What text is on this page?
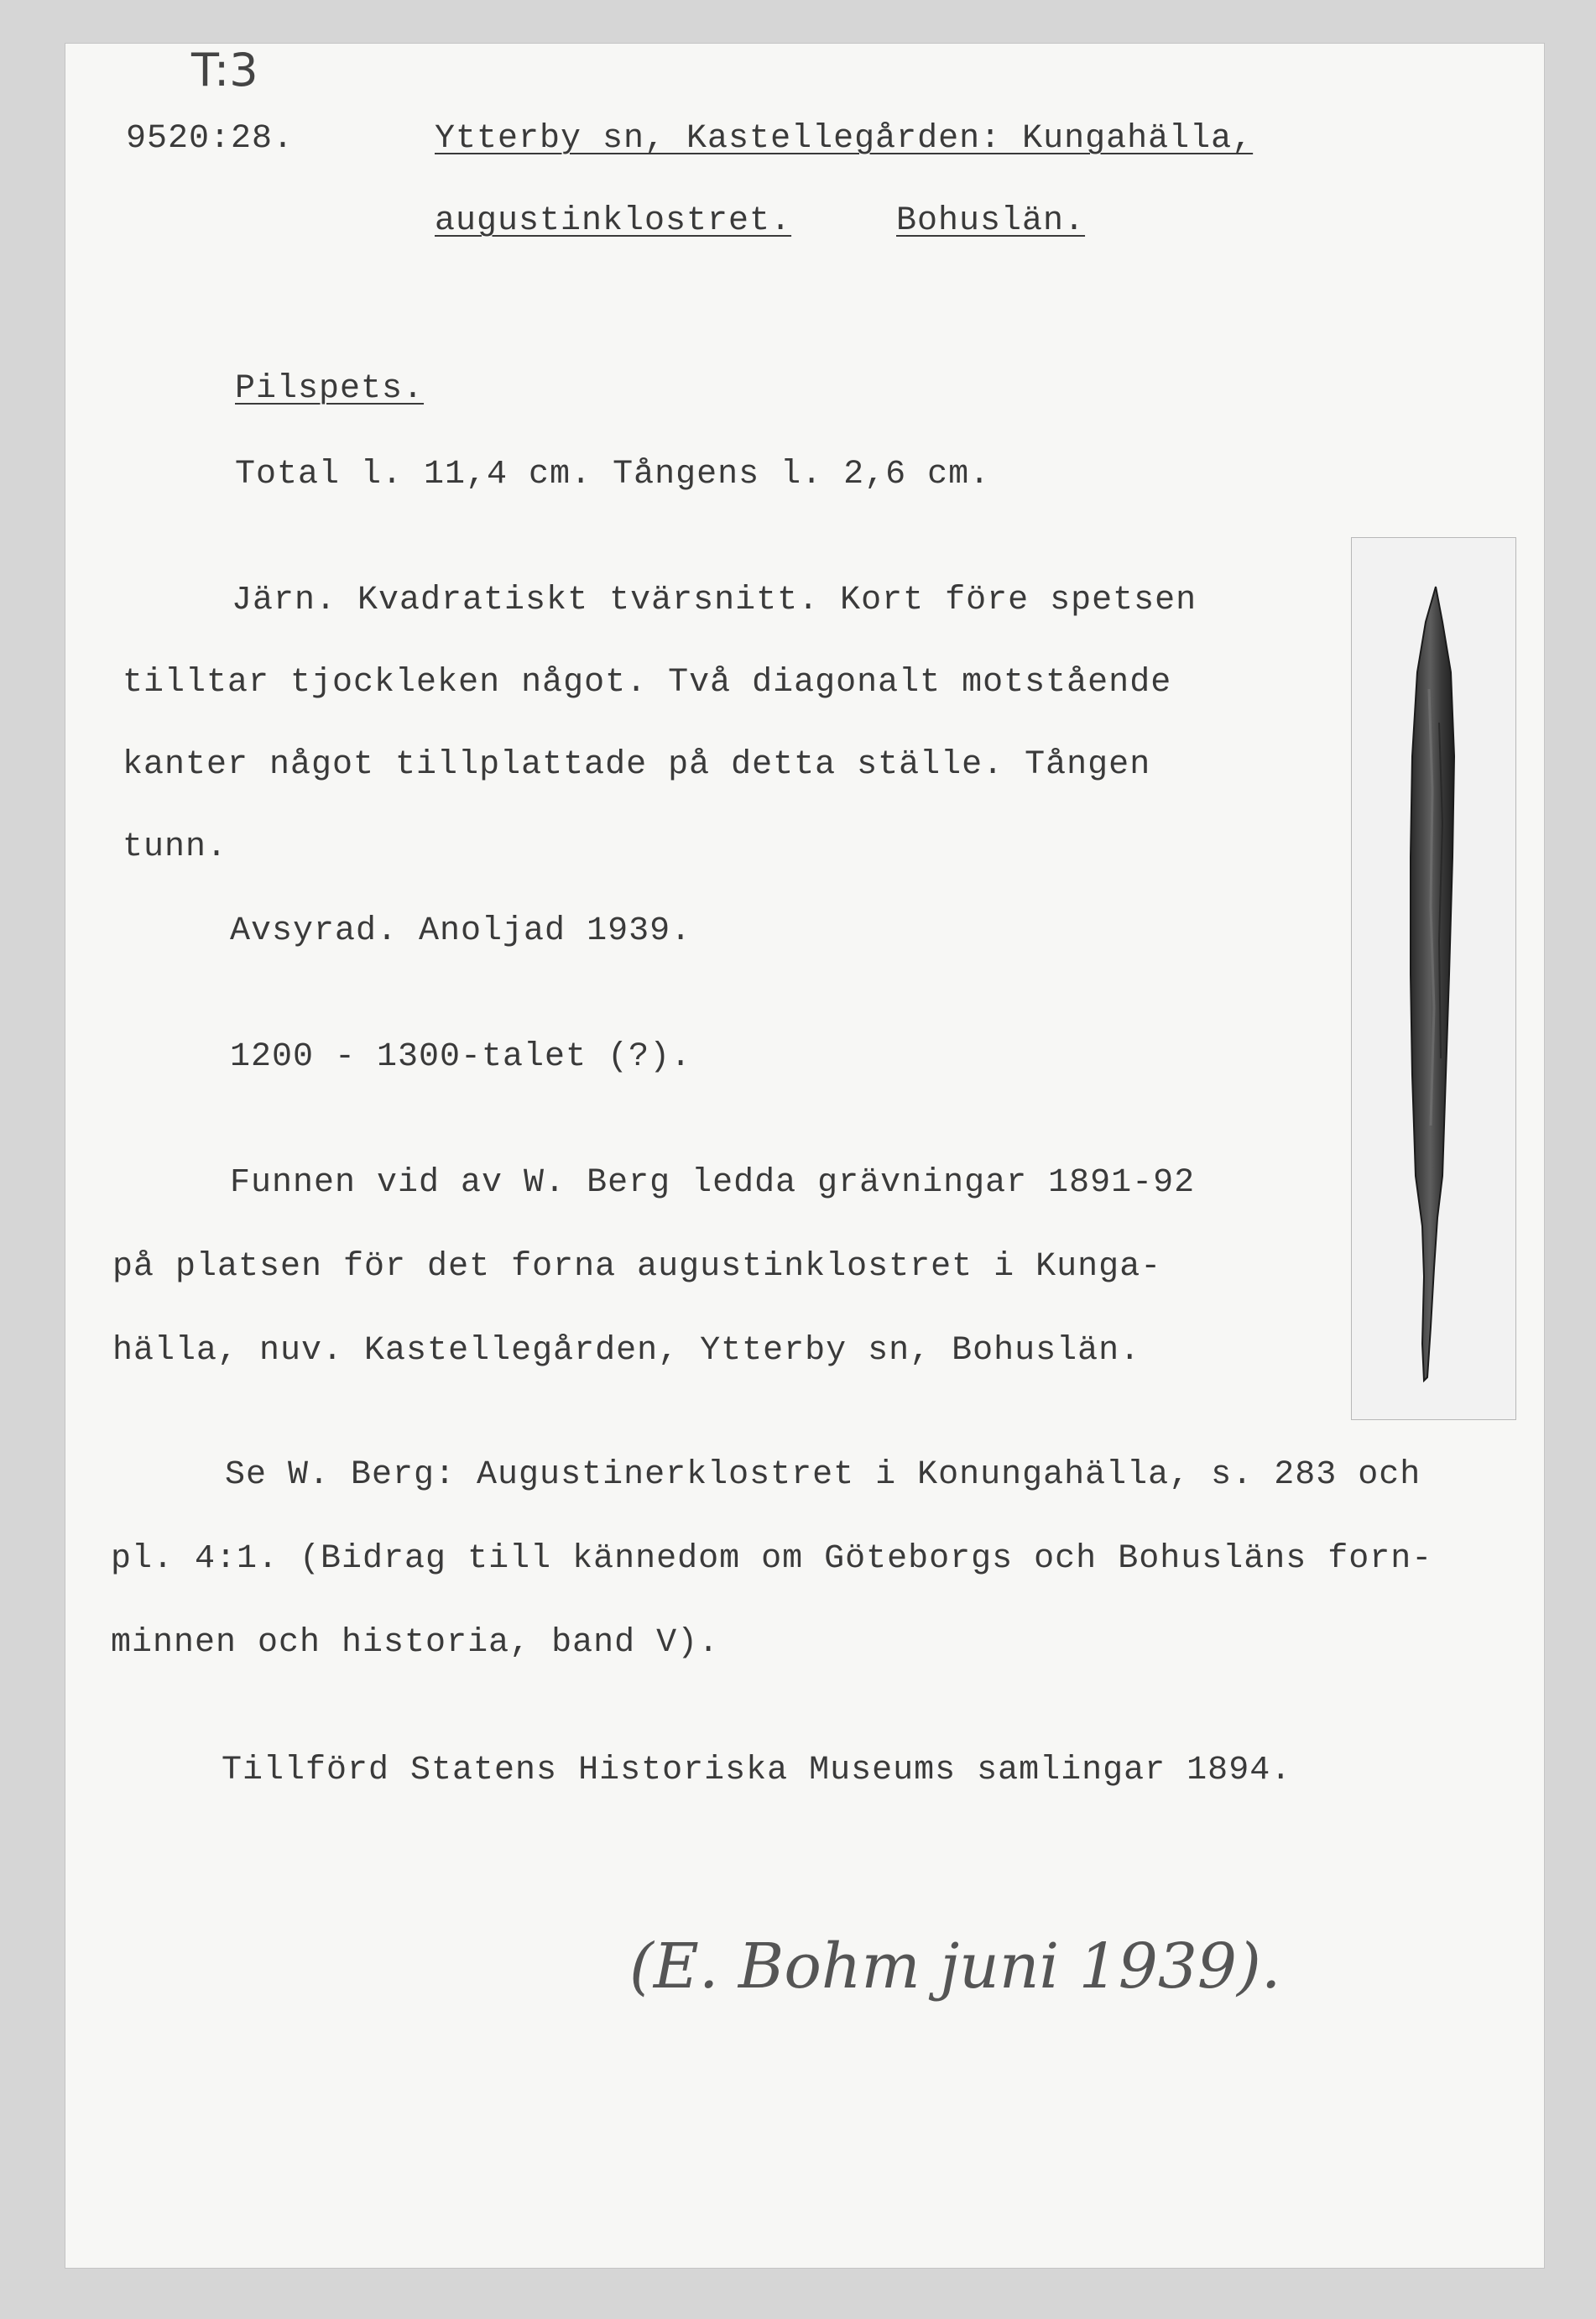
T:3
9520:28.	Ytterby sn, Kastellegården: Kungahälla,
augustinklostret.	Bohuslän.
Pilspets.
Total l. 11,4 cm. Tångens l. 2,6 cm.
Järn. Kvadratiskt tvärsnitt. Kort före spetsen
tilltar tjockleken något. Två diagonalt motstående
kanter något tillplattade på detta ställe. Tången
tunn.
Avsyrad. Anoljad 1939.
1200 - 1300-talet (?).
Funnen vid av W. Berg ledda grävningar 1891-92
på platsen för det forna augustinklostret i Kunga-
hälla, nuv. Kastellegården, Ytterby sn, Bohuslän.
Se W. Berg: Augustinerklostret i Konungahälla, s. 283 och
pl. 4:1. (Bidrag till kännedom om Göteborgs och Bohusläns forn-
minnen och historia, band V).
Tillförd Statens Historiska Museums samlingar 1894.
(E. Bohm juni 1939).
